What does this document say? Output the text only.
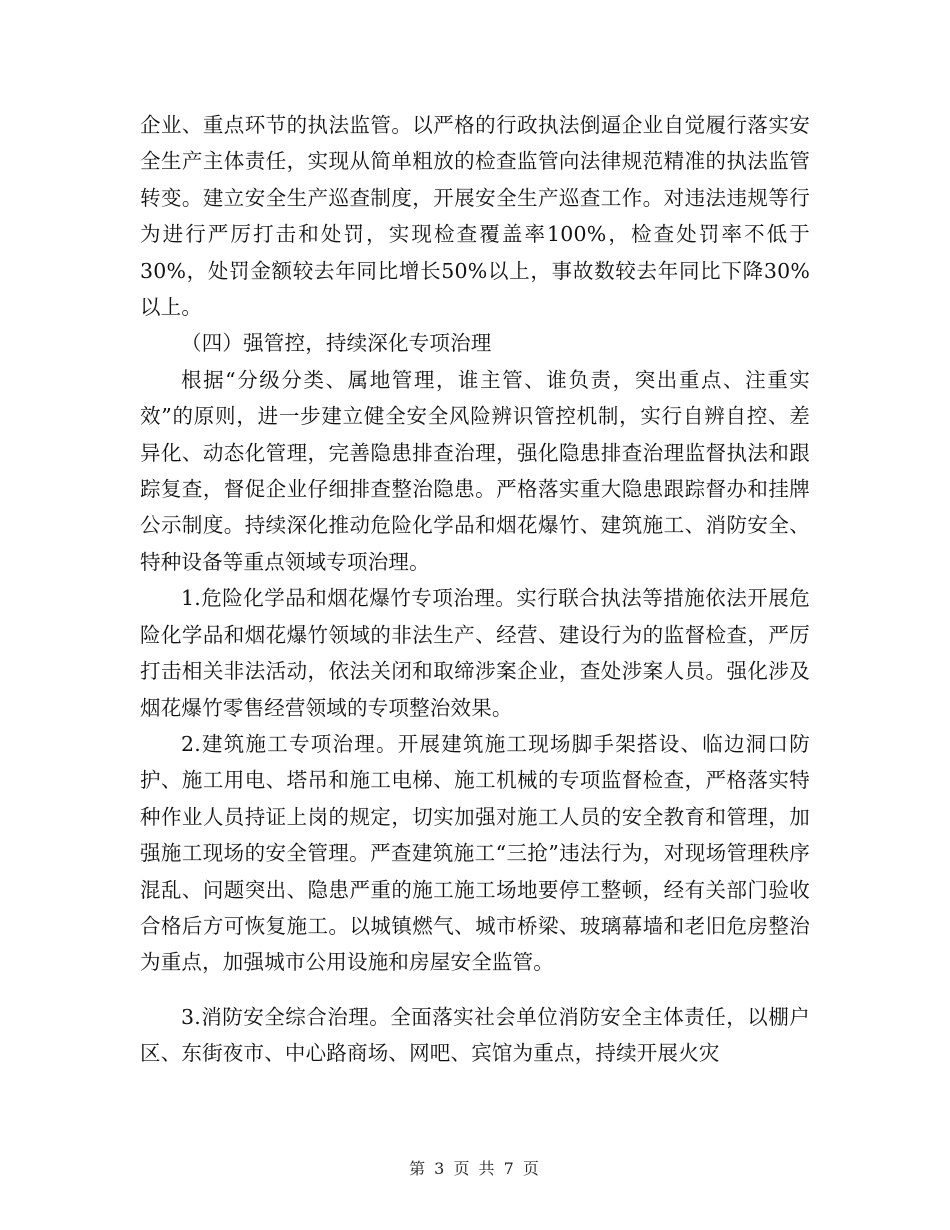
企业、重点环节的执法监管。以严格的行政执法倒逼企业自觉履行落实安全生产主体责任，实现从简单粗放的检查监管向法律规范精准的执法监管转变。建立安全生产巡查制度，开展安全生产巡查工作。对违法违规等行为进行严厉打击和处罚，实现检查覆盖率100%，检查处罚率不低于30%，处罚金额较去年同比增长50%以上，事故数较去年同比下降30%以上。

（四）强管控，持续深化专项治理

根据“分级分类、属地管理，谁主管、谁负责，突出重点、注重实效”的原则，进一步建立健全安全风险辨识管控机制，实行自辨自控、差异化、动态化管理，完善隐患排查治理，强化隐患排查治理监督执法和跟踪复查，督促企业仔细排查整治隐患。严格落实重大隐患跟踪督办和挂牌公示制度。持续深化推动危险化学品和烟花爆竹、建筑施工、消防安全、特种设备等重点领域专项治理。

1.危险化学品和烟花爆竹专项治理。实行联合执法等措施依法开展危险化学品和烟花爆竹领域的非法生产、经营、建设行为的监督检查，严厉打击相关非法活动，依法关闭和取缔涉案企业，查处涉案人员。强化涉及烟花爆竹零售经营领域的专项整治效果。

2.建筑施工专项治理。开展建筑施工现场脚手架搭设、临边洞口防护、施工用电、塔吊和施工电梯、施工机械的专项监督检查，严格落实特种作业人员持证上岗的规定，切实加强对施工人员的安全教育和管理，加强施工现场的安全管理。严查建筑施工“三抢”违法行为，对现场管理秩序混乱、问题突出、隐患严重的施工施工场地要停工整顿，经有关部门验收合格后方可恢复施工。以城镇燃气、城市桥梁、玻璃幕墙和老旧危房整治为重点，加强城市公用设施和房屋安全监管。

3.消防安全综合治理。全面落实社会单位消防安全主体责任，以棚户区、东街夜市、中心路商场、网吧、宾馆为重点，持续开展火灾

第 3 页 共 7 页
